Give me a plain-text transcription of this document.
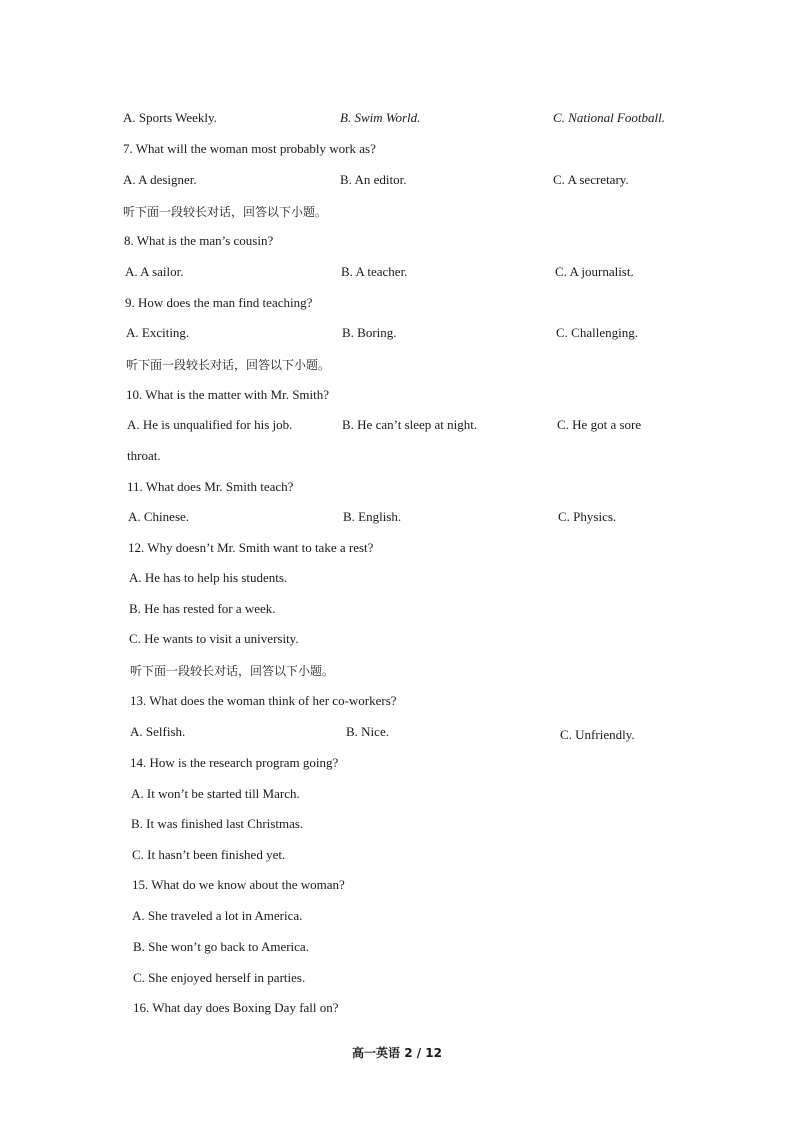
A. Sports Weekly.	B. Swim World.	C. National Football.
7. What will the woman most probably work as?
A. A designer.	B. An editor.	C. A secretary.
听下面一段较长对话，回答以下小题。
8. What is the man’s cousin?
A. A sailor.	B. A teacher.	C. A journalist.
9. How does the man find teaching?
A. Exciting.	B. Boring.	C. Challenging.
听下面一段较长对话，回答以下小题。
10. What is the matter with Mr. Smith?
A. He is unqualified for his job.	B. He can’t sleep at night.	C. He got a sore
throat.
11. What does Mr. Smith teach?
A. Chinese.	B. English.	C. Physics.
12. Why doesn’t Mr. Smith want to take a rest?
A. He has to help his students.
B. He has rested for a week.
C. He wants to visit a university.
听下面一段较长对话，回答以下小题。
13. What does the woman think of her co-workers?
A. Selfish.	B. Nice.	C. Unfriendly.
14. How is the research program going?
A. It won’t be started till March.
B. It was finished last Christmas.
C. It hasn’t been finished yet.
15. What do we know about the woman?
A. She traveled a lot in America.
B. She won’t go back to America.
C. She enjoyed herself in parties.
16. What day does Boxing Day fall on?
高一英语 2 / 12
